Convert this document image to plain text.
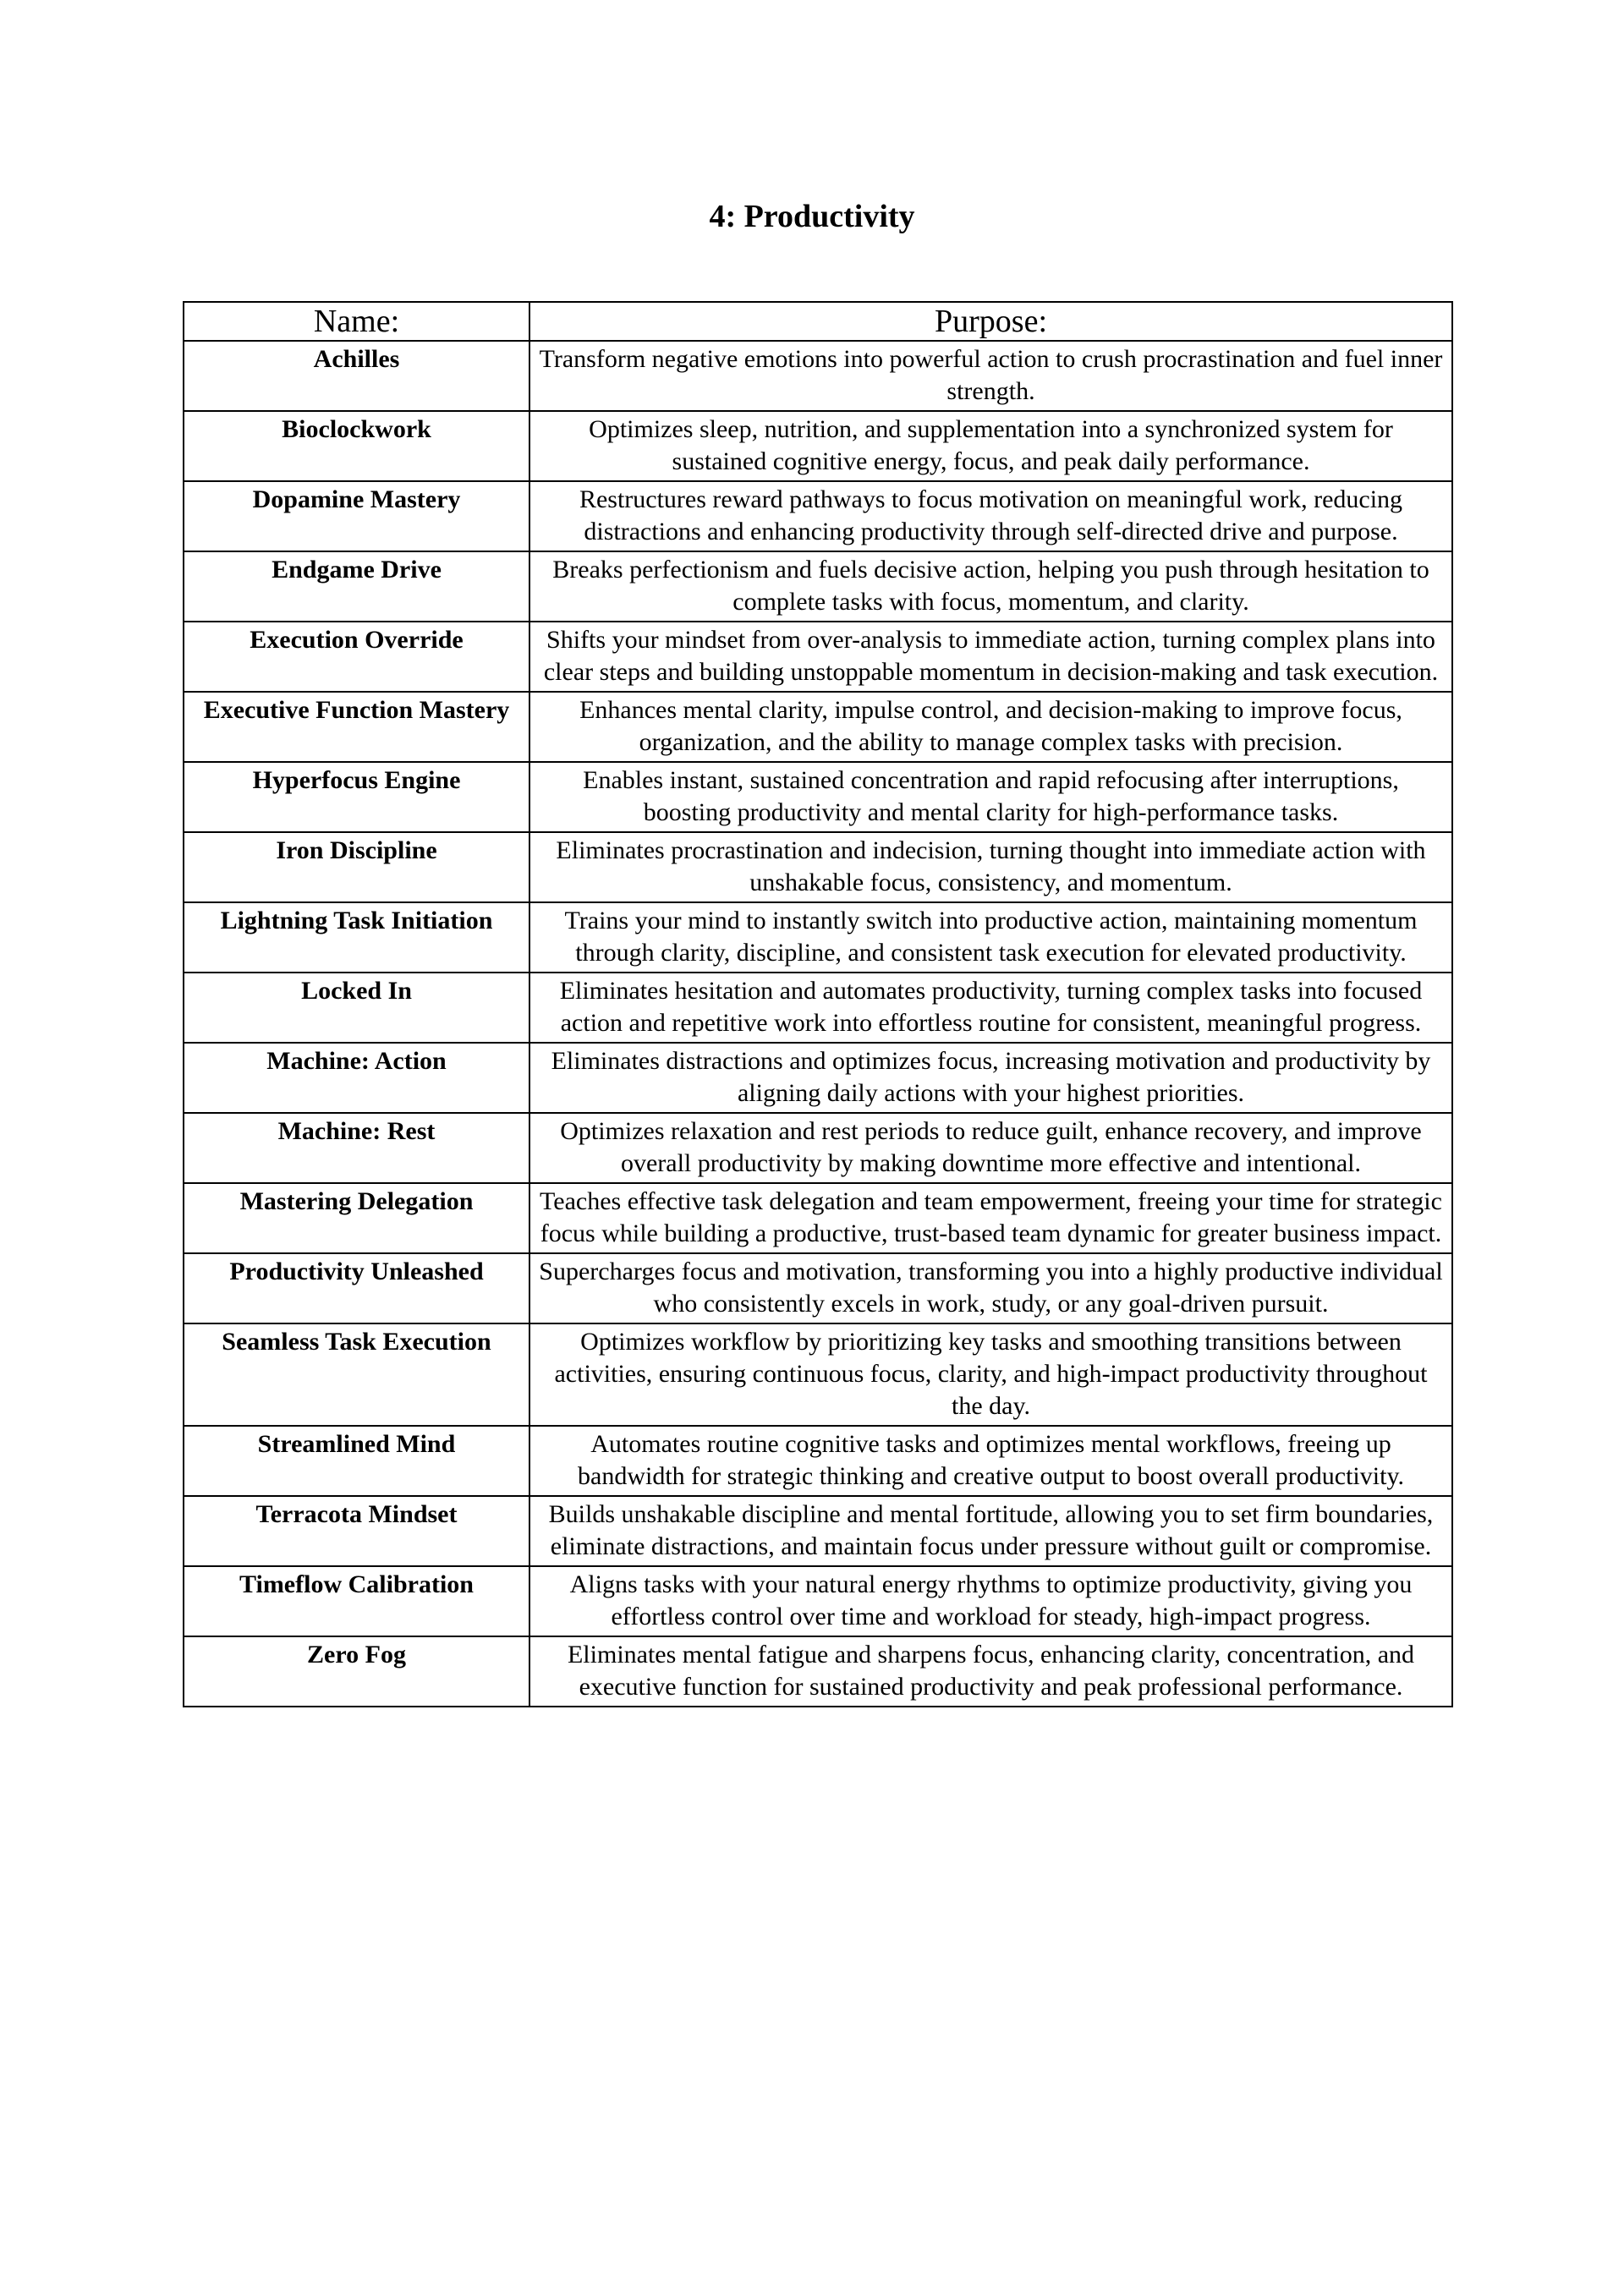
4: Productivity
Name:	Purpose:
Achilles	Transform negative emotions into powerful action to crush procrastination and fuel inner strength.
Bioclockwork	Optimizes sleep, nutrition, and supplementation into a synchronized system for sustained cognitive energy, focus, and peak daily performance.
Dopamine Mastery	Restructures reward pathways to focus motivation on meaningful work, reducing distractions and enhancing productivity through self-directed drive and purpose.
Endgame Drive	Breaks perfectionism and fuels decisive action, helping you push through hesitation to complete tasks with focus, momentum, and clarity.
Execution Override	Shifts your mindset from over-analysis to immediate action, turning complex plans into clear steps and building unstoppable momentum in decision-making and task execution.
Executive Function Mastery	Enhances mental clarity, impulse control, and decision-making to improve focus, organization, and the ability to manage complex tasks with precision.
Hyperfocus Engine	Enables instant, sustained concentration and rapid refocusing after interruptions, boosting productivity and mental clarity for high-performance tasks.
Iron Discipline	Eliminates procrastination and indecision, turning thought into immediate action with unshakable focus, consistency, and momentum.
Lightning Task Initiation	Trains your mind to instantly switch into productive action, maintaining momentum through clarity, discipline, and consistent task execution for elevated productivity.
Locked In	Eliminates hesitation and automates productivity, turning complex tasks into focused action and repetitive work into effortless routine for consistent, meaningful progress.
Machine: Action	Eliminates distractions and optimizes focus, increasing motivation and productivity by aligning daily actions with your highest priorities.
Machine: Rest	Optimizes relaxation and rest periods to reduce guilt, enhance recovery, and improve overall productivity by making downtime more effective and intentional.
Mastering Delegation	Teaches effective task delegation and team empowerment, freeing your time for strategic focus while building a productive, trust-based team dynamic for greater business impact.
Productivity Unleashed	Supercharges focus and motivation, transforming you into a highly productive individual who consistently excels in work, study, or any goal-driven pursuit.
Seamless Task Execution	Optimizes workflow by prioritizing key tasks and smoothing transitions between activities, ensuring continuous focus, clarity, and high-impact productivity throughout the day.
Streamlined Mind	Automates routine cognitive tasks and optimizes mental workflows, freeing up bandwidth for strategic thinking and creative output to boost overall productivity.
Terracota Mindset	Builds unshakable discipline and mental fortitude, allowing you to set firm boundaries, eliminate distractions, and maintain focus under pressure without guilt or compromise.
Timeflow Calibration	Aligns tasks with your natural energy rhythms to optimize productivity, giving you effortless control over time and workload for steady, high-impact progress.
Zero Fog	Eliminates mental fatigue and sharpens focus, enhancing clarity, concentration, and executive function for sustained productivity and peak professional performance.
